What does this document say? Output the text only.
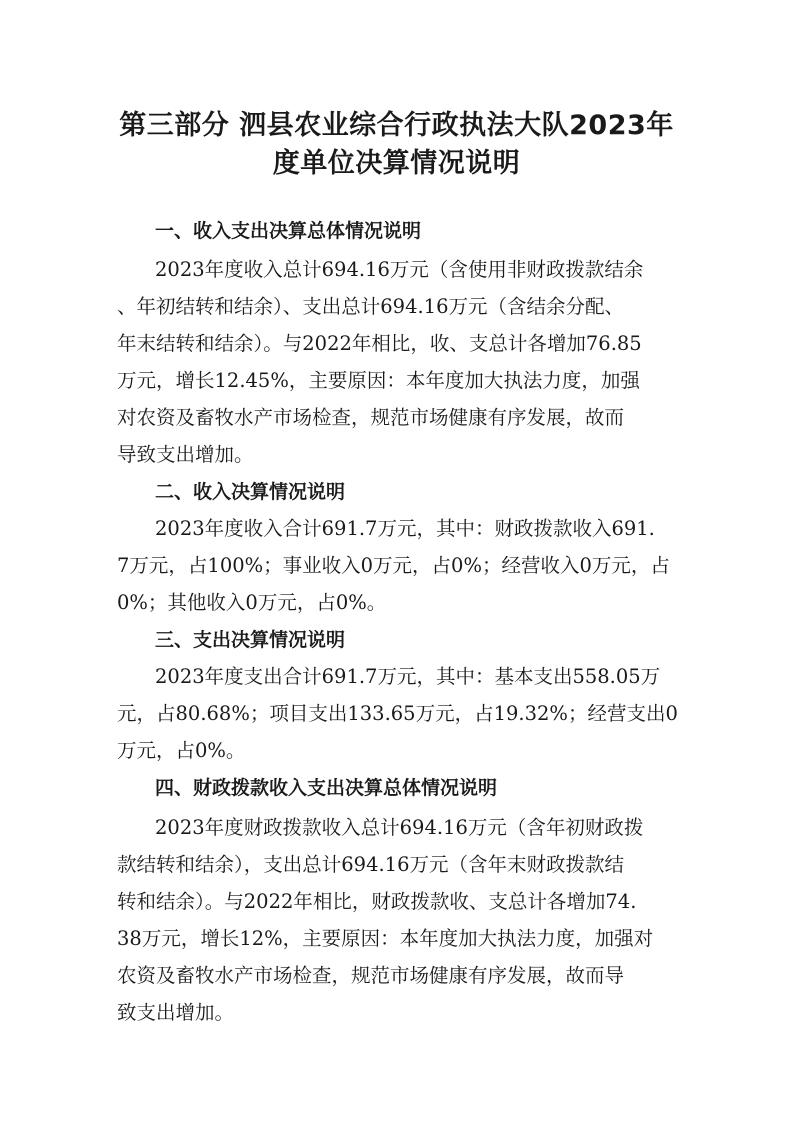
第三部分 泗县农业综合行政执法大队2023年
度单位决算情况说明
一、收入支出决算总体情况说明
2023年度收入总计694.16万元（含使用非财政拨款结余
、年初结转和结余）、支出总计694.16万元（含结余分配、
年末结转和结余）。与2022年相比，收、支总计各增加76.85
万元，增长12.45%，主要原因：本年度加大执法力度，加强
对农资及畜牧水产市场检查，规范市场健康有序发展，故而
导致支出增加。
二、收入决算情况说明
2023年度收入合计691.7万元，其中：财政拨款收入691.
7万元，占100%；事业收入0万元，占0%；经营收入0万元，占
0%；其他收入0万元，占0%。
三、支出决算情况说明
2023年度支出合计691.7万元，其中：基本支出558.05万
元，占80.68%；项目支出133.65万元，占19.32%；经营支出0
万元，占0%。
四、财政拨款收入支出决算总体情况说明
2023年度财政拨款收入总计694.16万元（含年初财政拨
款结转和结余），支出总计694.16万元（含年末财政拨款结
转和结余）。与2022年相比，财政拨款收、支总计各增加74.
38万元，增长12%，主要原因：本年度加大执法力度，加强对
农资及畜牧水产市场检查，规范市场健康有序发展，故而导
致支出增加。
